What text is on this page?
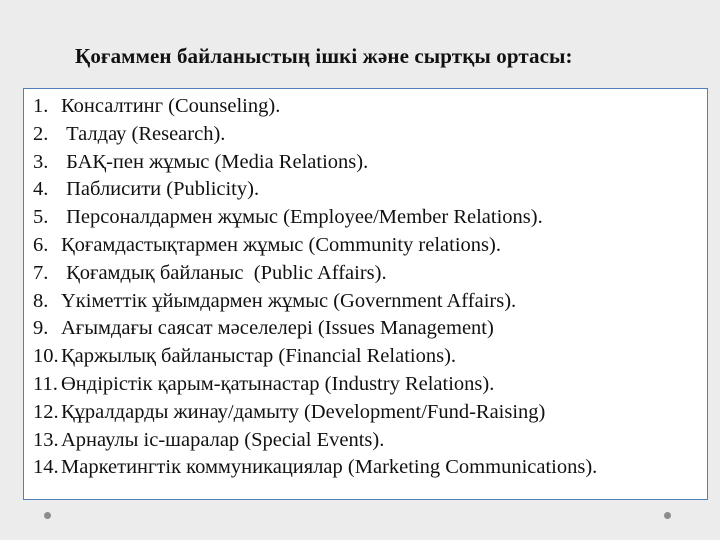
Қоғаммен байланыстың ішкі және сыртқы ортасы:
1. Консалтинг (Counseling).
2. Талдау (Research).
3. БАҚ-пен жұмыс (Media Relations).
4. Паблисити (Publicity).
5. Персоналдармен жұмыс (Employee/Member Relations).
6. Қоғамдастықтармен жұмыс (Community relations).
7. Қоғамдық байланыс  (Public Affairs).
8. Үкіметтік ұйымдармен жұмыс (Government Affairs).
9. Ағымдағы саясат мәселелері (Issues Management)
10. Қаржылық байланыстар (Financial Relations).
11. Өндірістік қарым-қатынастар (Industry Relations).
12. Құралдарды жинау/дамыту (Development/Fund-Raising)
13. Арнаулы іс-шаралар (Special Events).
14. Маркетингтік коммуникациялар (Marketing Communications).
